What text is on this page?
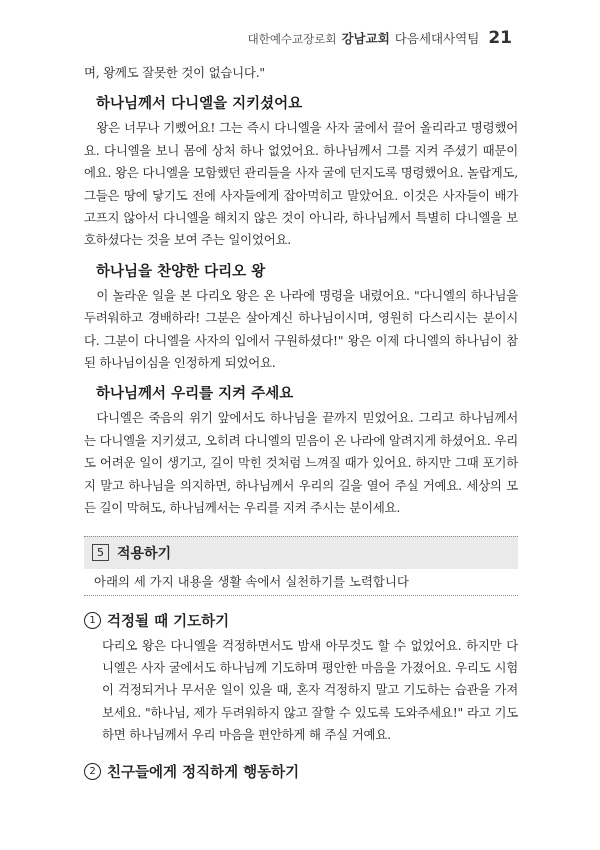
대한예수교장로회 강남교회 다음세대사역팀 21

며, 왕께도 잘못한 것이 없습니다."

하나님께서 다니엘을 지키셨어요

왕은 너무나 기뻤어요! 그는 즉시 다니엘을 사자 굴에서 끌어 올리라고 명령했어요. 다니엘을 보니 몸에 상처 하나 없었어요. 하나님께서 그를 지켜 주셨기 때문이에요. 왕은 다니엘을 모함했던 관리들을 사자 굴에 던지도록 명령했어요. 놀랍게도, 그들은 땅에 닿기도 전에 사자들에게 잡아먹히고 말았어요. 이것은 사자들이 배가 고프지 않아서 다니엘을 해치지 않은 것이 아니라, 하나님께서 특별히 다니엘을 보호하셨다는 것을 보여 주는 일이었어요.

하나님을 찬양한 다리오 왕

이 놀라운 일을 본 다리오 왕은 온 나라에 명령을 내렸어요. "다니엘의 하나님을 두려워하고 경배하라! 그분은 살아계신 하나님이시며, 영원히 다스리시는 분이시다. 그분이 다니엘을 사자의 입에서 구원하셨다!" 왕은 이제 다니엘의 하나님이 참된 하나님이심을 인정하게 되었어요.

하나님께서 우리를 지켜 주세요

다니엘은 죽음의 위기 앞에서도 하나님을 끝까지 믿었어요. 그리고 하나님께서는 다니엘을 지키셨고, 오히려 다니엘의 믿음이 온 나라에 알려지게 하셨어요. 우리도 어려운 일이 생기고, 길이 막힌 것처럼 느껴질 때가 있어요. 하지만 그때 포기하지 말고 하나님을 의지하면, 하나님께서 우리의 길을 열어 주실 거예요. 세상의 모든 길이 막혀도, 하나님께서는 우리를 지켜 주시는 분이세요.

5 적용하기
아래의 세 가지 내용을 생활 속에서 실천하기를 노력합니다
1 걱정될 때 기도하기

다리오 왕은 다니엘을 걱정하면서도 밤새 아무것도 할 수 없었어요. 하지만 다니엘은 사자 굴에서도 하나님께 기도하며 평안한 마음을 가졌어요. 우리도 시험이 걱정되거나 무서운 일이 있을 때, 혼자 걱정하지 말고 기도하는 습관을 가져보세요. "하나님, 제가 두려워하지 않고 잘할 수 있도록 도와주세요!" 라고 기도하면 하나님께서 우리 마음을 편안하게 해 주실 거예요.

2 친구들에게 정직하게 행동하기
